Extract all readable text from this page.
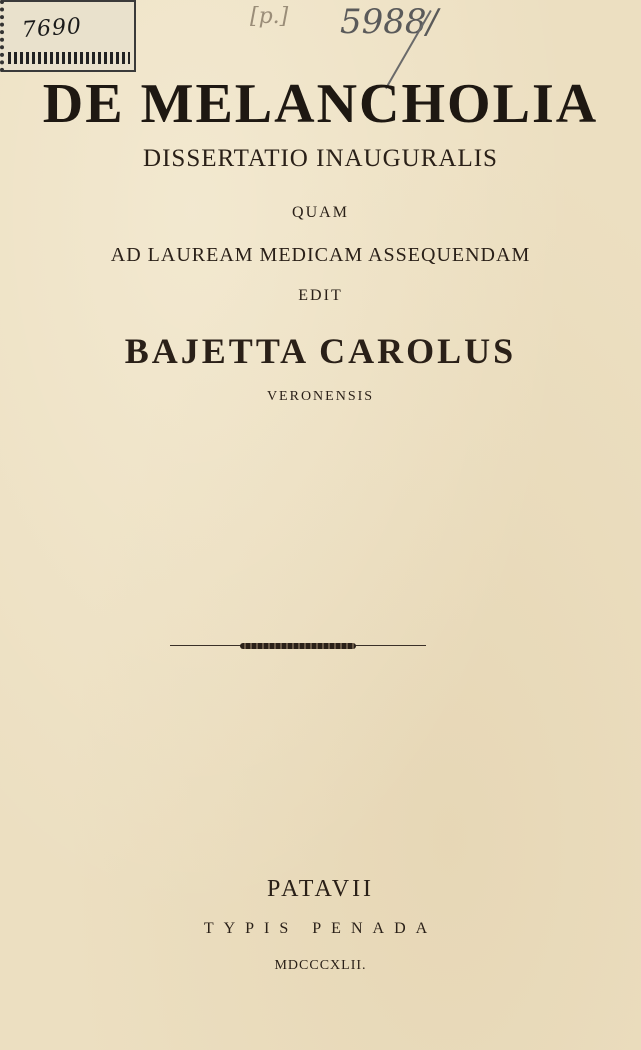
7690	[p.] 5988/
DE MELANCHOLIA
DISSERTATIO INAUGURALIS
QUAM
AD LAUREAM MEDICAM ASSEQUENDAM
EDIT
BAJETTA CAROLUS
VERONENSIS
PATAVII
TYPIS PENADA
MDCCCXLII.
